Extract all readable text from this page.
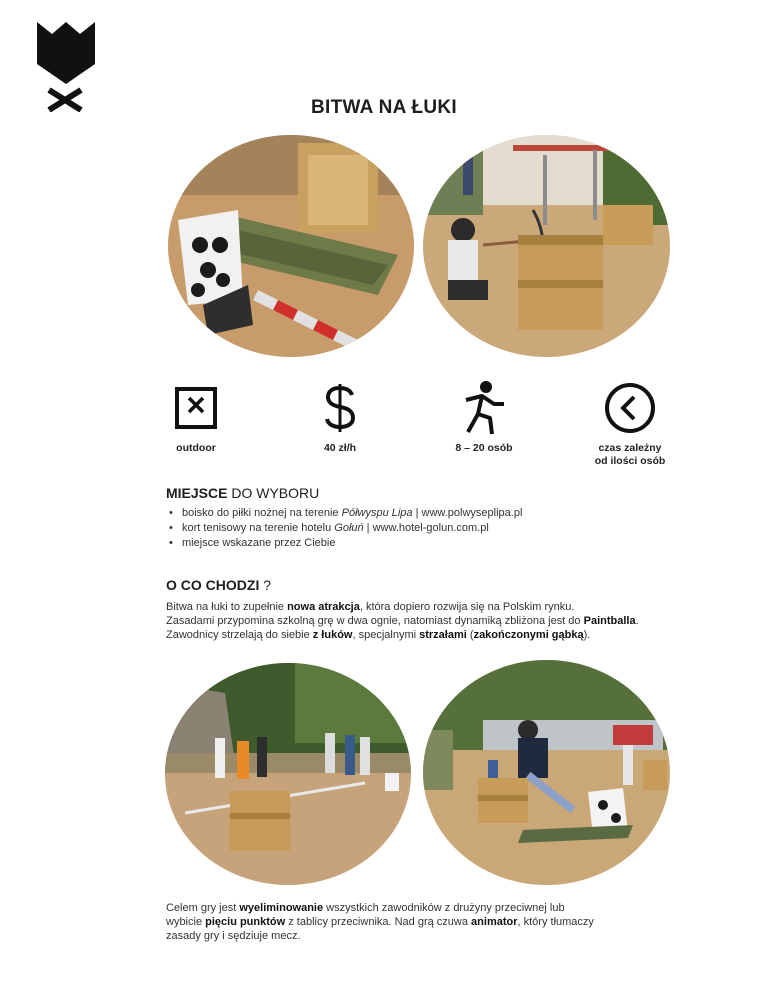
BITWA NA ŁUKI
outdoor	40 zł/h	8 – 20 osób	czas zależny
od ilości osób
MIEJSCE DO WYBORU
• boisko do piłki nożnej na terenie Półwyspu Lipa | www.polwyseplipa.pl
• kort tenisowy na terenie hotelu Gołuń | www.hotel-golun.com.pl
• miejsce wskazane przez Ciebie
O CO CHODZI ?
Bitwa na łuki to zupełnie nowa atrakcja, która dopiero rozwija się na Polskim rynku.
Zasadami przypomina szkolną grę w dwa ognie, natomiast dynamiką zbliżona jest do Paintballa.
Zawodnicy strzelają do siebie z łuków, specjalnymi strzałami (zakończonymi gąbką).
Celem gry jest wyeliminowanie wszystkich zawodników z drużyny przeciwnej lub
wybicie pięciu punktów z tablicy przeciwnika. Nad grą czuwa animator, który tłumaczy
zasady gry i sędziuje mecz.
